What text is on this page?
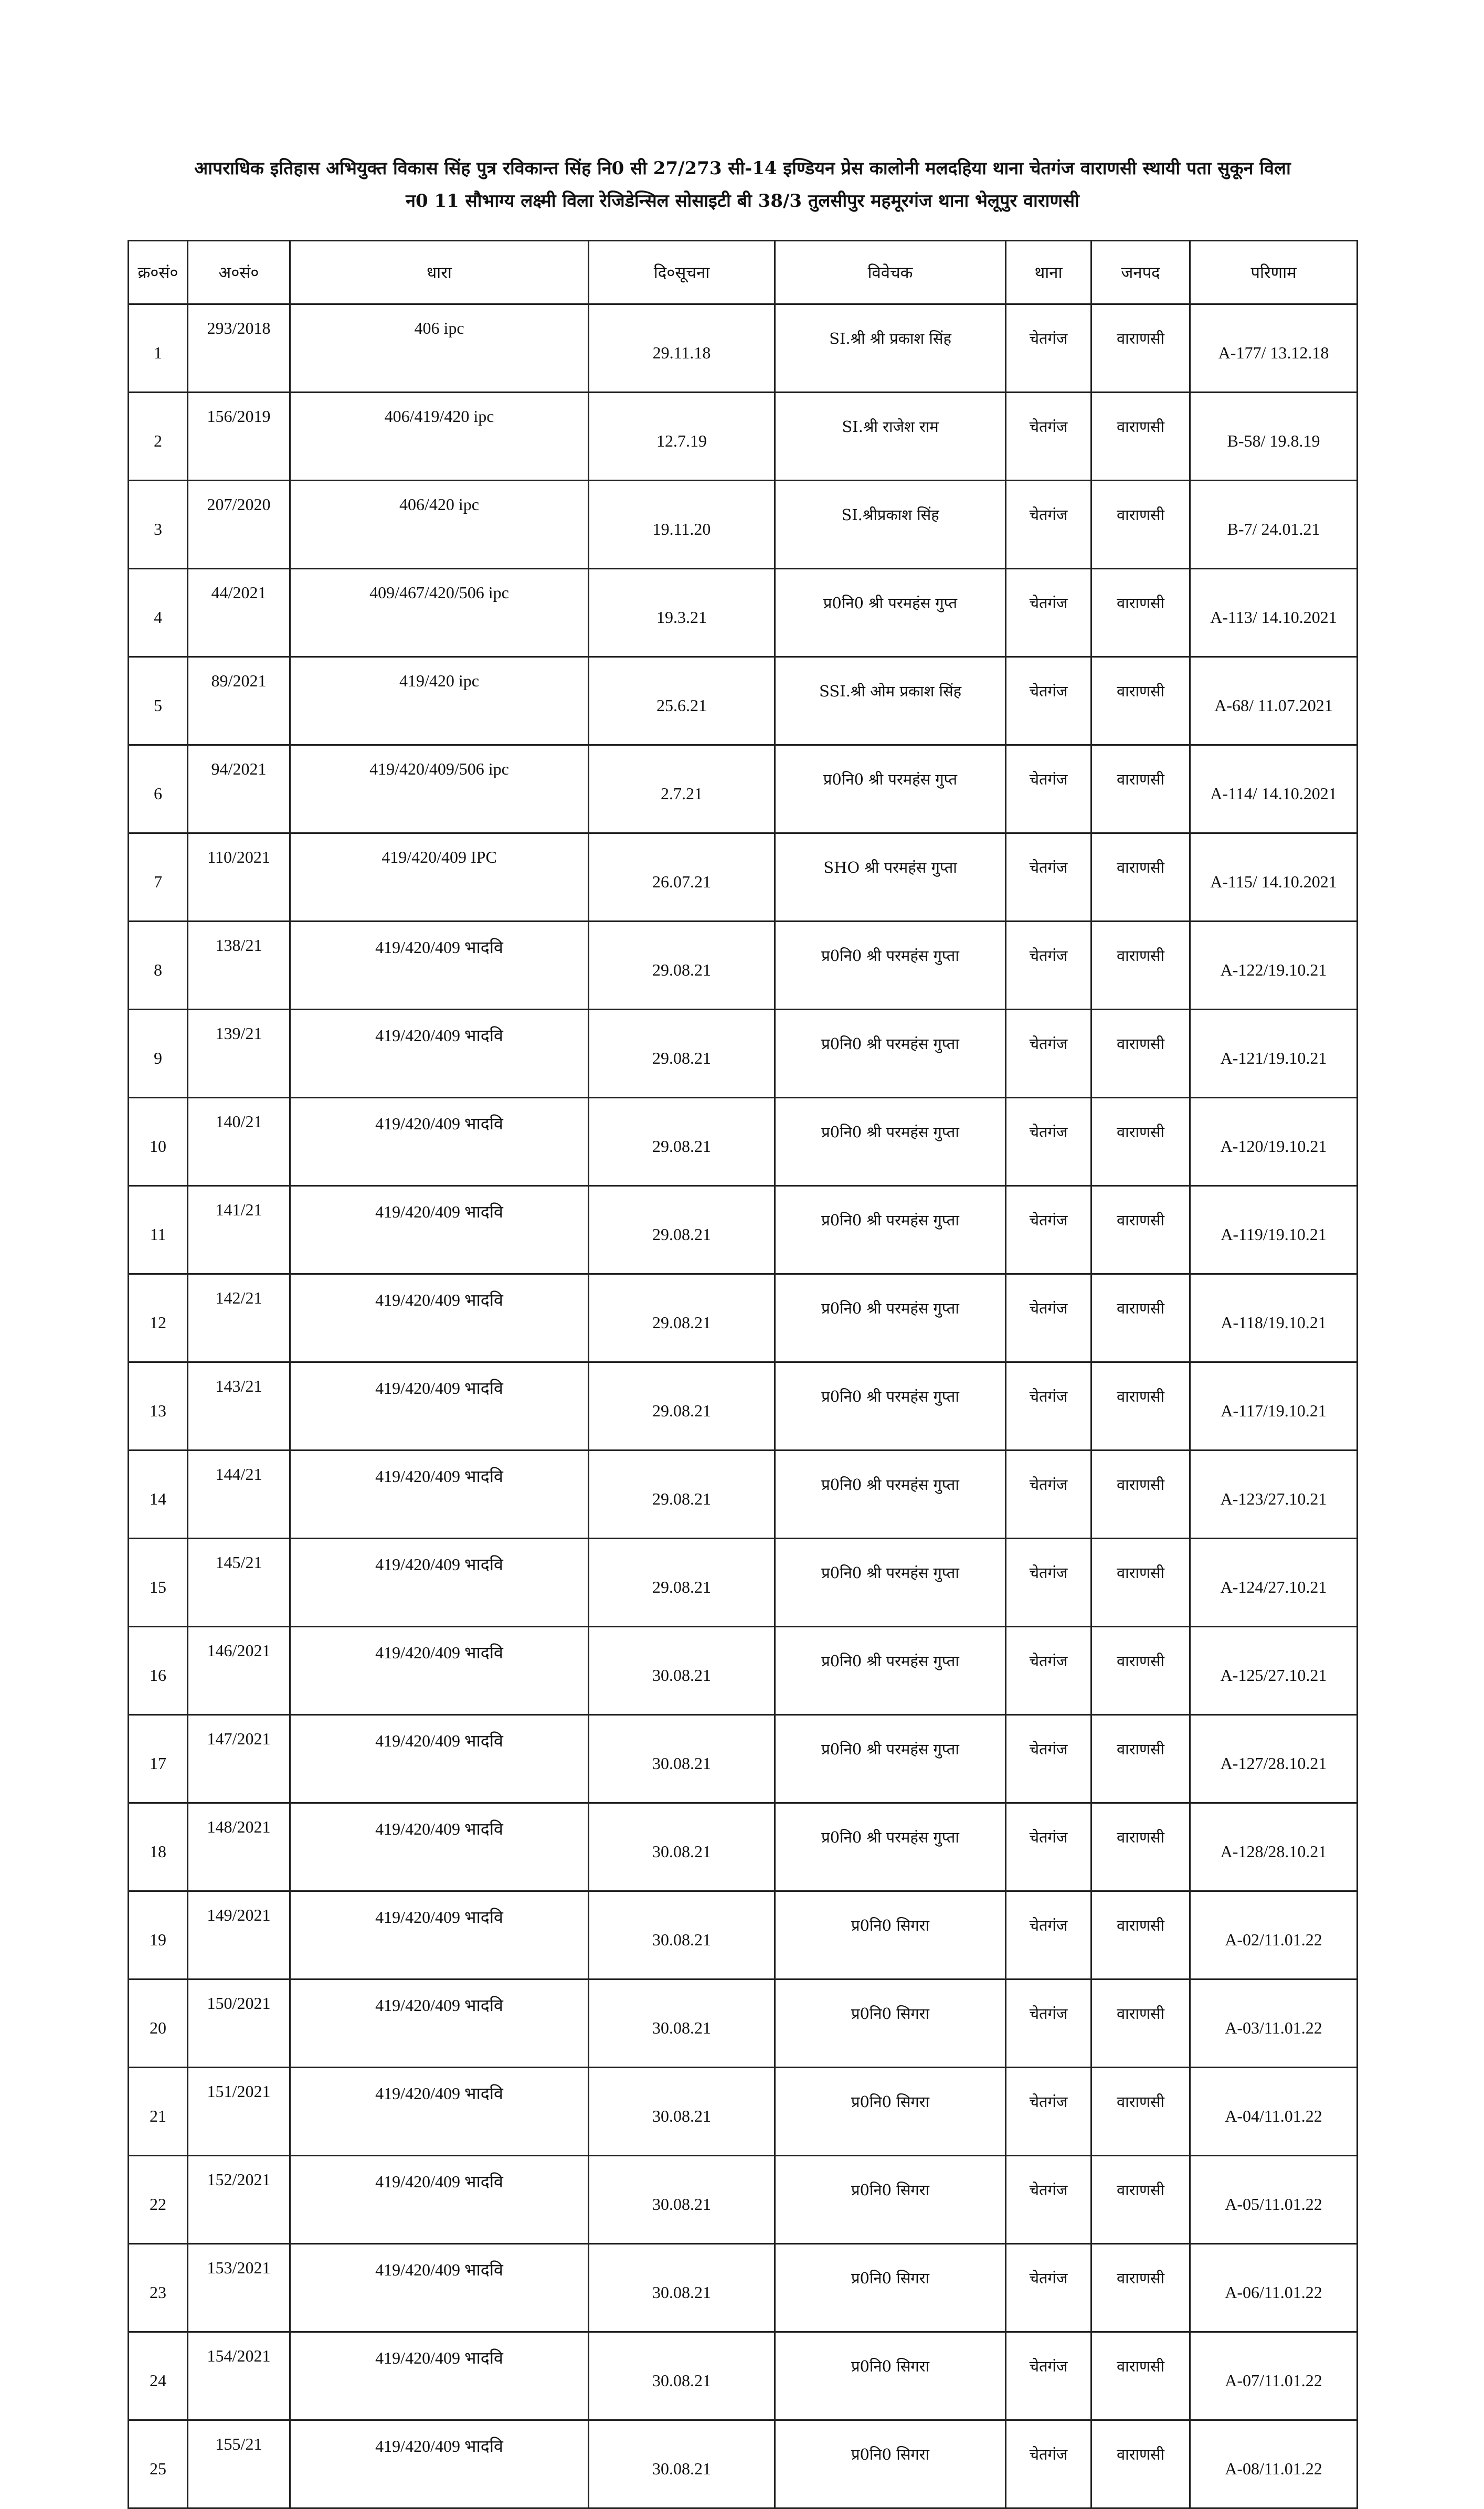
आपराधिक इतिहास अभियुक्त विकास सिंह पुत्र रविकान्त सिंह नि0 सी 27/273 सी-14 इण्डियन प्रेस कालोनी मलदहिया थाना चेतगंज वाराणसी स्थायी पता सुकून विला
न0 11 सौभाग्य लक्ष्मी विला रेजिडेन्सिल सोसाइटी बी 38/3 तुलसीपुर महमूरगंज थाना भेलूपुर वाराणसी
क्र०सं०	अ०सं०	धारा	दि०सूचना	विवेचक	थाना	जनपद	परिणाम
1	293/2018	406 ipc	29.11.18	SI.श्री श्री प्रकाश सिंह	चेतगंज	वाराणसी	A-177/ 13.12.18
2	156/2019	406/419/420 ipc	12.7.19	SI.श्री राजेश राम	चेतगंज	वाराणसी	B-58/ 19.8.19
3	207/2020	406/420 ipc	19.11.20	SI.श्रीप्रकाश सिंह	चेतगंज	वाराणसी	B-7/ 24.01.21
4	44/2021	409/467/420/506 ipc	19.3.21	प्र0नि0 श्री परमहंस गुप्त	चेतगंज	वाराणसी	A-113/ 14.10.2021
5	89/2021	419/420 ipc	25.6.21	SSI.श्री ओम प्रकाश सिंह	चेतगंज	वाराणसी	A-68/ 11.07.2021
6	94/2021	419/420/409/506 ipc	2.7.21	प्र0नि0 श्री परमहंस गुप्त	चेतगंज	वाराणसी	A-114/ 14.10.2021
7	110/2021	419/420/409 IPC	26.07.21	SHO श्री परमहंस गुप्ता	चेतगंज	वाराणसी	A-115/ 14.10.2021
8	138/21	419/420/409 भादवि	29.08.21	प्र0नि0 श्री परमहंस गुप्ता	चेतगंज	वाराणसी	A-122/19.10.21
9	139/21	419/420/409 भादवि	29.08.21	प्र0नि0 श्री परमहंस गुप्ता	चेतगंज	वाराणसी	A-121/19.10.21
10	140/21	419/420/409 भादवि	29.08.21	प्र0नि0 श्री परमहंस गुप्ता	चेतगंज	वाराणसी	A-120/19.10.21
11	141/21	419/420/409 भादवि	29.08.21	प्र0नि0 श्री परमहंस गुप्ता	चेतगंज	वाराणसी	A-119/19.10.21
12	142/21	419/420/409 भादवि	29.08.21	प्र0नि0 श्री परमहंस गुप्ता	चेतगंज	वाराणसी	A-118/19.10.21
13	143/21	419/420/409 भादवि	29.08.21	प्र0नि0 श्री परमहंस गुप्ता	चेतगंज	वाराणसी	A-117/19.10.21
14	144/21	419/420/409 भादवि	29.08.21	प्र0नि0 श्री परमहंस गुप्ता	चेतगंज	वाराणसी	A-123/27.10.21
15	145/21	419/420/409 भादवि	29.08.21	प्र0नि0 श्री परमहंस गुप्ता	चेतगंज	वाराणसी	A-124/27.10.21
16	146/2021	419/420/409 भादवि	30.08.21	प्र0नि0 श्री परमहंस गुप्ता	चेतगंज	वाराणसी	A-125/27.10.21
17	147/2021	419/420/409 भादवि	30.08.21	प्र0नि0 श्री परमहंस गुप्ता	चेतगंज	वाराणसी	A-127/28.10.21
18	148/2021	419/420/409 भादवि	30.08.21	प्र0नि0 श्री परमहंस गुप्ता	चेतगंज	वाराणसी	A-128/28.10.21
19	149/2021	419/420/409 भादवि	30.08.21	प्र0नि0 सिगरा	चेतगंज	वाराणसी	A-02/11.01.22
20	150/2021	419/420/409 भादवि	30.08.21	प्र0नि0 सिगरा	चेतगंज	वाराणसी	A-03/11.01.22
21	151/2021	419/420/409 भादवि	30.08.21	प्र0नि0 सिगरा	चेतगंज	वाराणसी	A-04/11.01.22
22	152/2021	419/420/409 भादवि	30.08.21	प्र0नि0 सिगरा	चेतगंज	वाराणसी	A-05/11.01.22
23	153/2021	419/420/409 भादवि	30.08.21	प्र0नि0 सिगरा	चेतगंज	वाराणसी	A-06/11.01.22
24	154/2021	419/420/409 भादवि	30.08.21	प्र0नि0 सिगरा	चेतगंज	वाराणसी	A-07/11.01.22
25	155/21	419/420/409 भादवि	30.08.21	प्र0नि0 सिगरा	चेतगंज	वाराणसी	A-08/11.01.22
